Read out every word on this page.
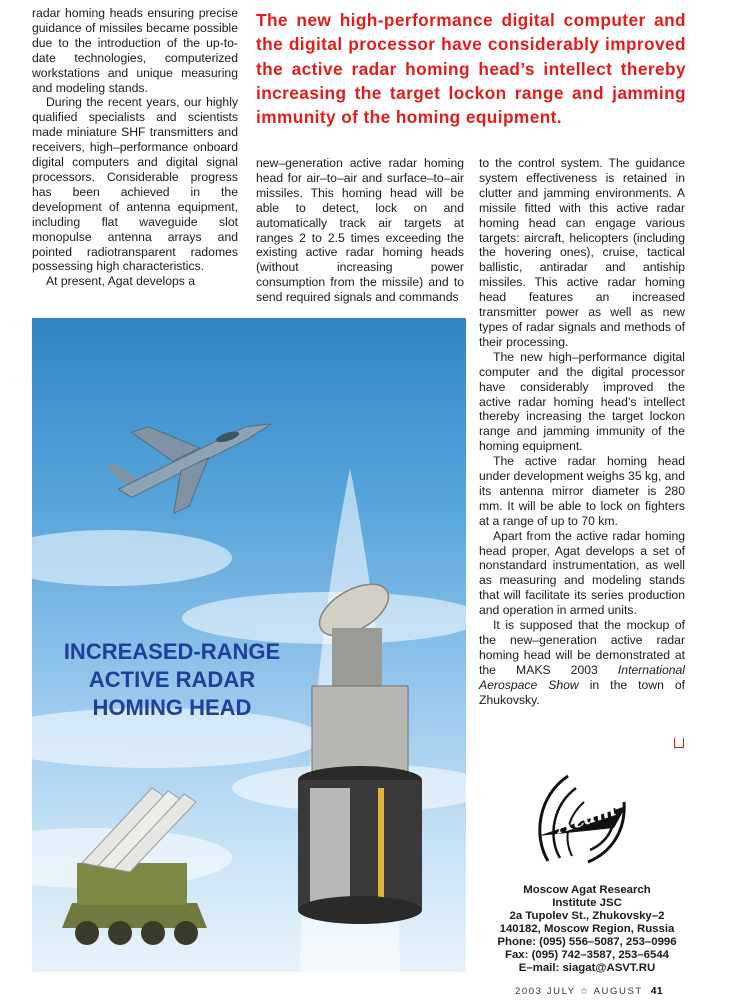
The new high-performance digital computer and the digital processor have considerably improved the active radar homing head’s intellect thereby increasing the target lockon range and jamming immunity of the homing equipment.

radar homing heads ensuring precise guidance of missiles became possible due to the introduction of the up-to-date technologies, computerized workstations and unique measuring and modeling stands.

During the recent years, our highly qualified specialists and scientists made miniature SHF transmitters and receivers, high–performance onboard digital computers and digital signal processors. Considerable progress has been achieved in the development of antenna equipment, including flat waveguide slot monopulse antenna arrays and pointed radiotransparent radomes possessing high characteristics.

At present, Agat develops a

new–generation active radar homing head for air–to–air and surface–to–air missiles. This homing head will be able to detect, lock on and automatically track air targets at ranges 2 to 2.5 times exceeding the existing active radar homing heads (without increasing power consumption from the missile) and to send required signals and commands

to the control system. The guidance system effectiveness is retained in clutter and jamming environments. A missile fitted with this active radar homing head can engage various targets: aircraft, helicopters (including the hovering ones), cruise, tactical ballistic, antiradar and antiship missiles. This active radar homing head features an increased transmitter power as well as new types of radar signals and methods of their processing.

The new high–performance digital computer and the digital processor have considerably improved the active radar homing head’s intellect thereby increasing the target lockon range and jamming immunity of the homing equipment.

The active radar homing head under development weighs 35 kg, and its antenna mirror diameter is 280 mm. It will be able to lock on fighters at a range of up to 70 km.

Apart from the active radar homing head proper, Agat develops a set of nonstandard instrumentation, as well as measuring and modeling stands that will facilitate its series production and operation in armed units.

It is supposed that the mockup of the new–generation active radar homing head will be demonstrated at the MAKS 2003 International Aerospace Show in the town of Zhukovsky.

INCREASED-RANGE
ACTIVE RADAR
HOMING HEAD
Агат
Moscow Agat Research
Institute JSC
2a Tupolev St., Zhukovsky–2
140182, Moscow Region, Russia
Phone: (095) 556–5087, 253–0996
Fax: (095) 742–3587, 253–6544
E–mail: siagat@ASVT.RU
2003 JULY ☆ AUGUST 41
